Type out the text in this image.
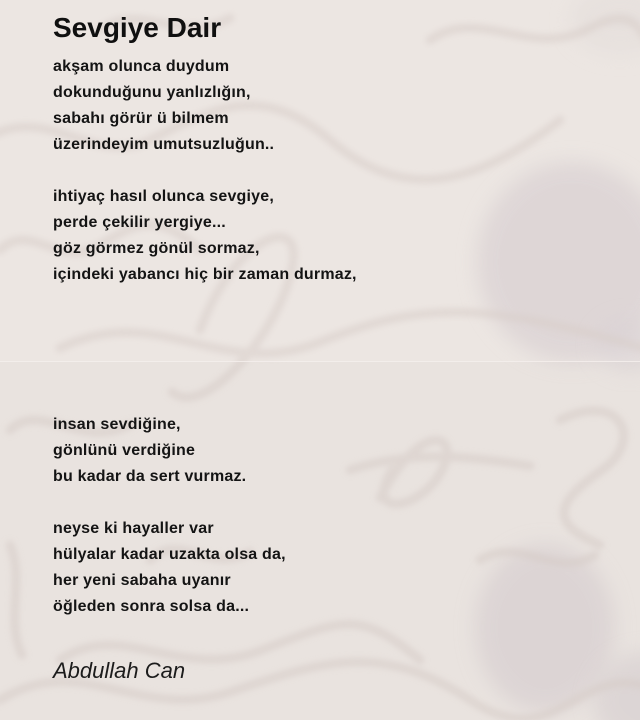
Sevgiye Dair

akşam olunca duydum
dokunduğunu yanlızlığın,
sabahı görür ü bilmem
üzerindeyim umutsuzluğun..

ihtiyaç hasıl olunca sevgiye,
perde çekilir yergiye...
göz görmez gönül sormaz,
içindeki yabancı hiç bir zaman durmaz,

insan sevdiğine,
gönlünü verdiğine
bu kadar da sert vurmaz.

neyse ki hayaller var
hülyalar kadar uzakta olsa da,
her yeni sabaha uyanır
öğleden sonra solsa da...

Abdullah Can
